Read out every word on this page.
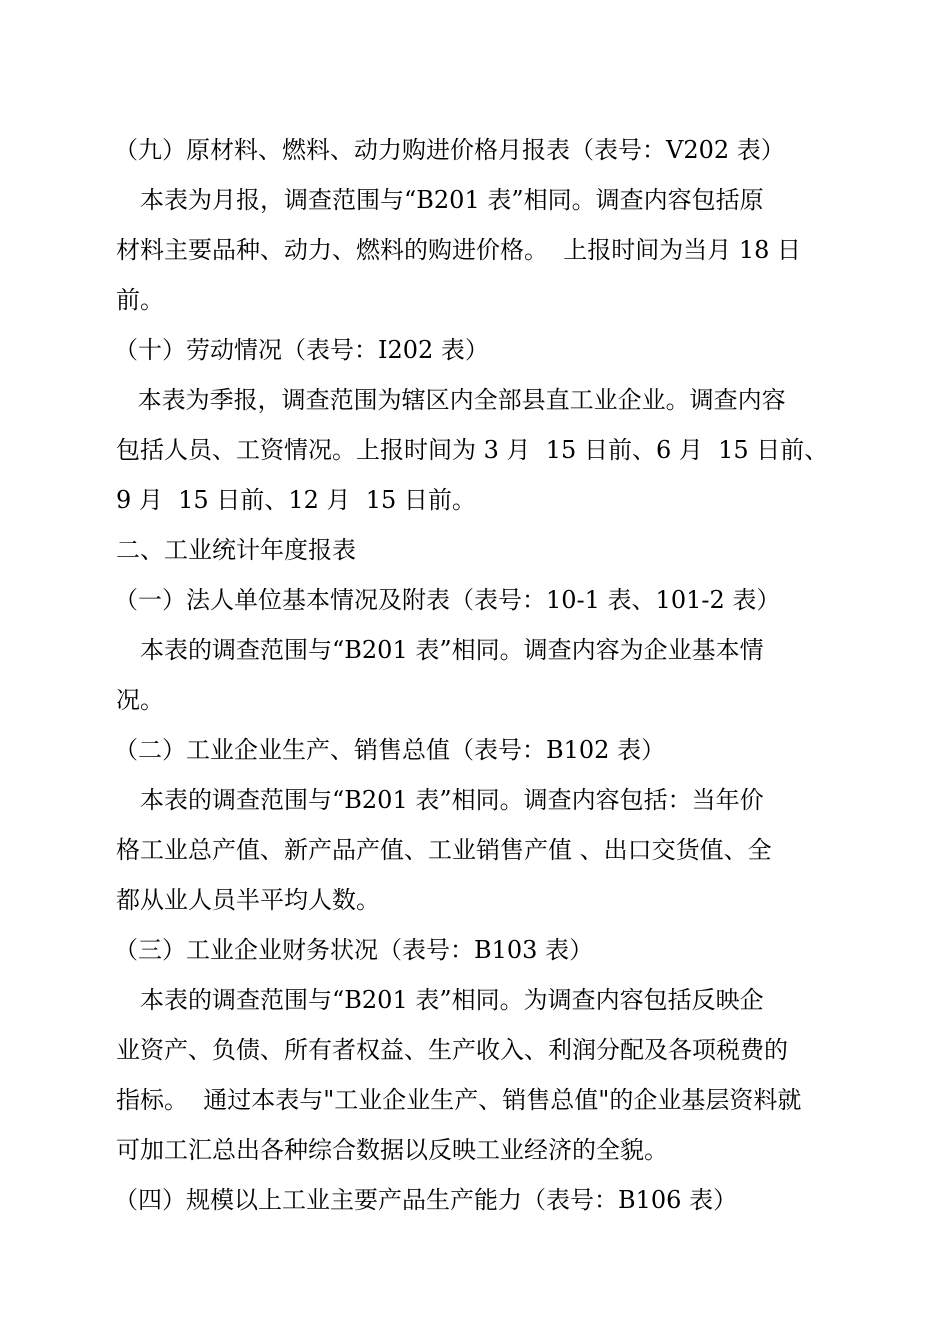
（九）原材料、燃料、动力购进价格月报表（表号：V202 表）
　本表为月报，调查范围与“B201 表”相同。调查内容包括原
材料主要品种、动力、燃料的购进价格。  上报时间为当月 18 日
前。
（十）劳动情况（表号：I202 表）
本表为季报，调查范围为辖区内全部县直工业企业。调查内容
包括人员、工资情况。上报时间为 3 月  15 日前、6 月  15 日前、
9 月  15 日前、12 月  15 日前。
二、工业统计年度报表
（一）法人单位基本情况及附表（表号：10-1 表、101-2 表）
　本表的调查范围与“B201 表”相同。调查内容为企业基本情
况。
（二）工业企业生产、销售总值（表号：B102 表）
　本表的调查范围与“B201 表”相同。调查内容包括：当年价
格工业总产值、新产品产值、工业销售产值 、出口交货值、全
都从业人员半平均人数。
（三）工业企业财务状况（表号：B103 表）
　本表的调查范围与“B201 表”相同。为调查内容包括反映企
业资产、负债、所有者权益、生产收入、利润分配及各项税费的
指标。  通过本表与"工业企业生产、销售总值"的企业基层资料就
可加工汇总出各种综合数据以反映工业经济的全貌。
（四）规模以上工业主要产品生产能力（表号：B106 表）
